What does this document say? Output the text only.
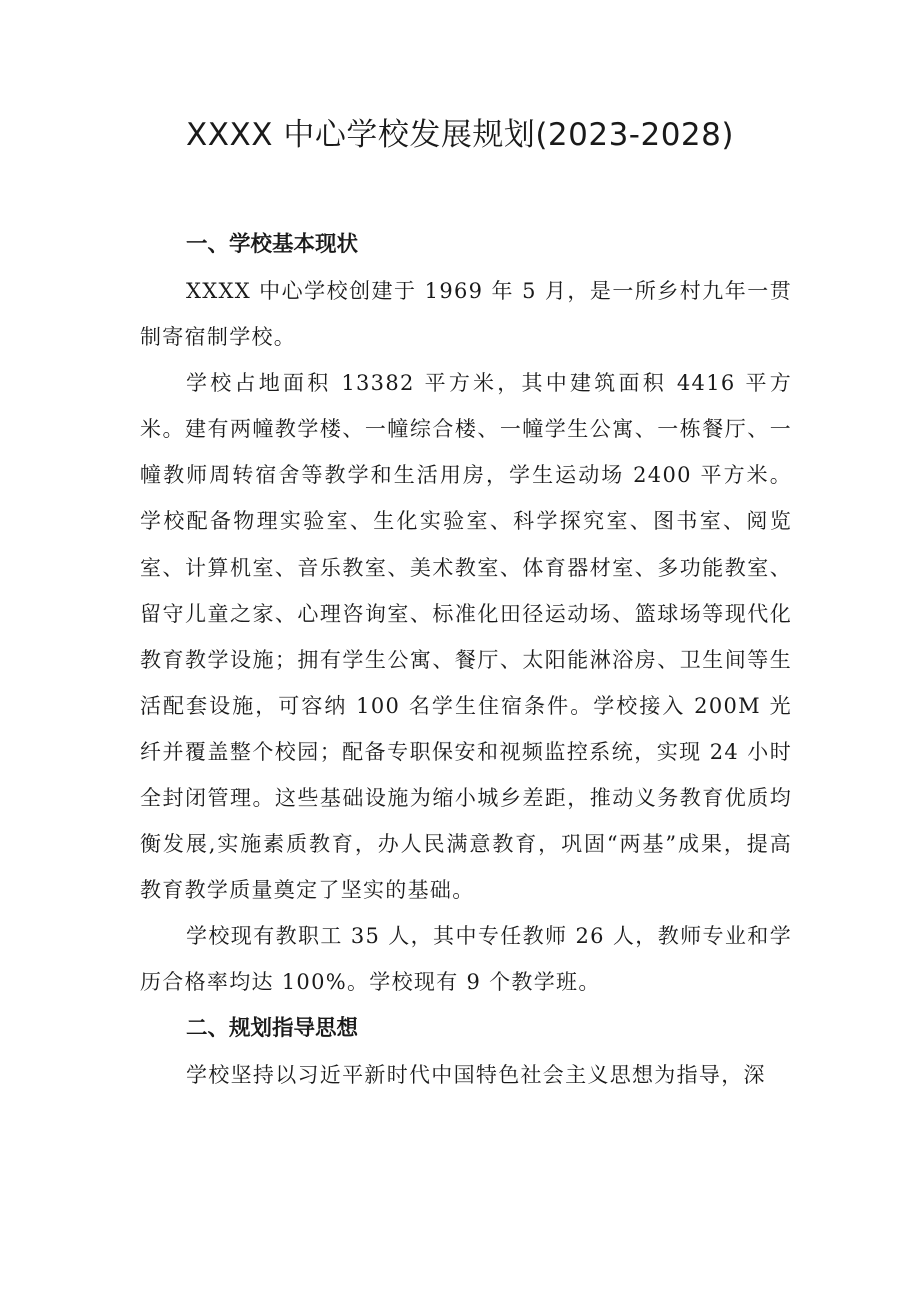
XXXX 中心学校发展规划(2023-2028)
一、学校基本现状

XXXX 中心学校创建于 1969 年 5 月，是一所乡村九年一贯制寄宿制学校。

学校占地面积 13382 平方米，其中建筑面积 4416 平方米。建有两幢教学楼、一幢综合楼、一幢学生公寓、一栋餐厅、一幢教师周转宿舍等教学和生活用房，学生运动场 2400 平方米。学校配备物理实验室、生化实验室、科学探究室、图书室、阅览室、计算机室、音乐教室、美术教室、体育器材室、多功能教室、留守儿童之家、心理咨询室、标准化田径运动场、篮球场等现代化教育教学设施；拥有学生公寓、餐厅、太阳能淋浴房、卫生间等生活配套设施，可容纳 100 名学生住宿条件。学校接入 200M 光纤并覆盖整个校园；配备专职保安和视频监控系统，实现 24 小时全封闭管理。这些基础设施为缩小城乡差距，推动义务教育优质均衡发展,实施素质教育，办人民满意教育，巩固“两基”成果，提高教育教学质量奠定了坚实的基础。

学校现有教职工 35 人，其中专任教师 26 人，教师专业和学历合格率均达 100%。学校现有 9 个教学班。

二、规划指导思想

学校坚持以习近平新时代中国特色社会主义思想为指导，深
